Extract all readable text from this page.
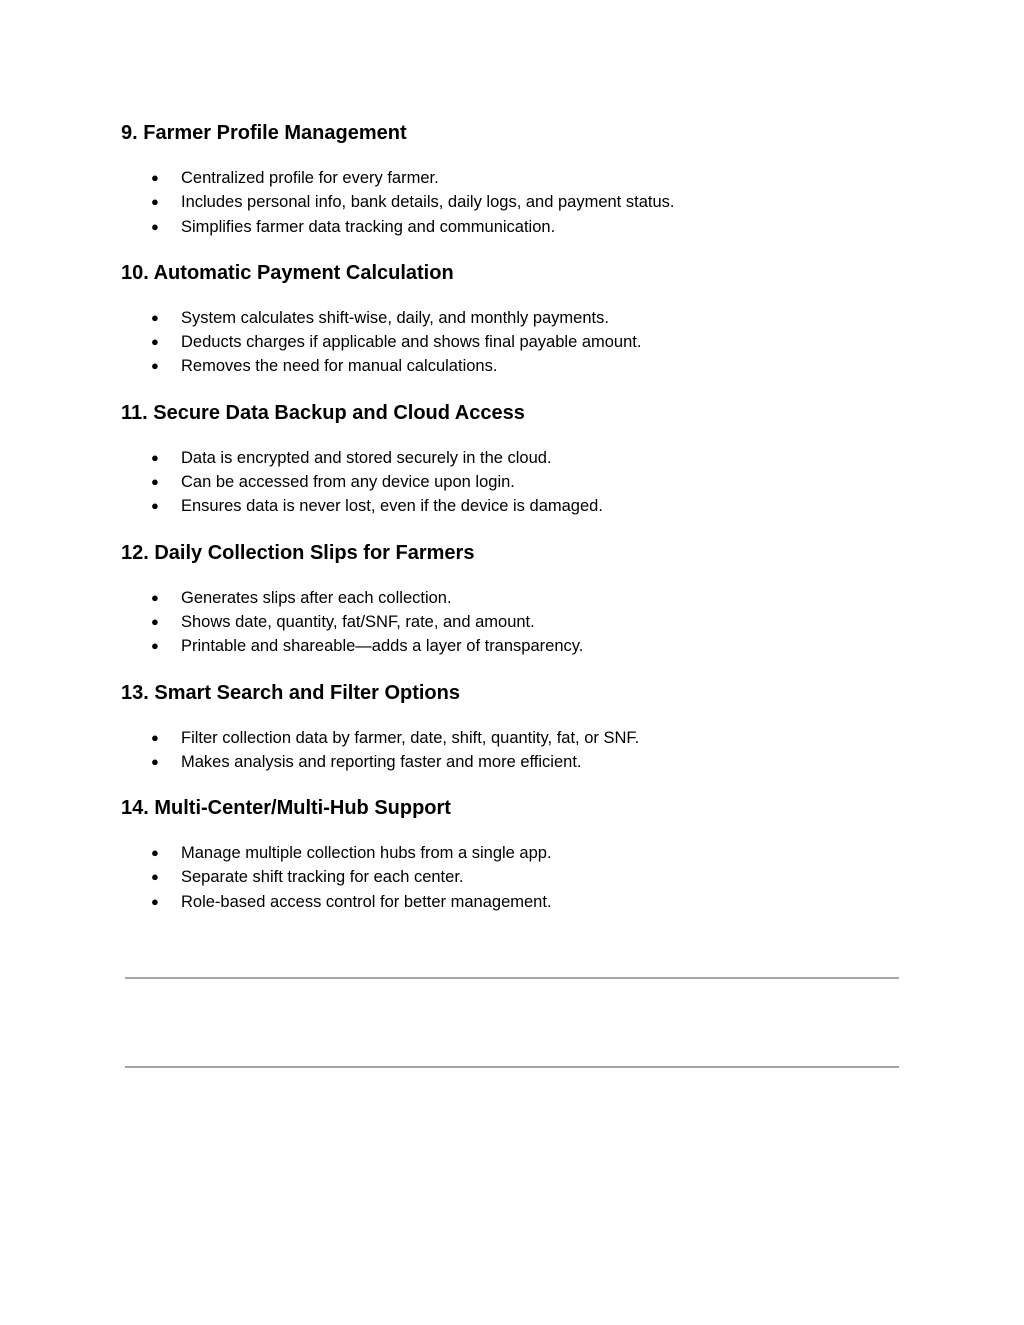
9. Farmer Profile Management
● Centralized profile for every farmer.
● Includes personal info, bank details, daily logs, and payment status.
● Simplifies farmer data tracking and communication.
10. Automatic Payment Calculation
● System calculates shift-wise, daily, and monthly payments.
● Deducts charges if applicable and shows final payable amount.
● Removes the need for manual calculations.
11. Secure Data Backup and Cloud Access
● Data is encrypted and stored securely in the cloud.
● Can be accessed from any device upon login.
● Ensures data is never lost, even if the device is damaged.
12. Daily Collection Slips for Farmers
● Generates slips after each collection.
● Shows date, quantity, fat/SNF, rate, and amount.
● Printable and shareable—adds a layer of transparency.
13. Smart Search and Filter Options
● Filter collection data by farmer, date, shift, quantity, fat, or SNF.
● Makes analysis and reporting faster and more efficient.
14. Multi-Center/Multi-Hub Support
● Manage multiple collection hubs from a single app.
● Separate shift tracking for each center.
● Role-based access control for better management.
